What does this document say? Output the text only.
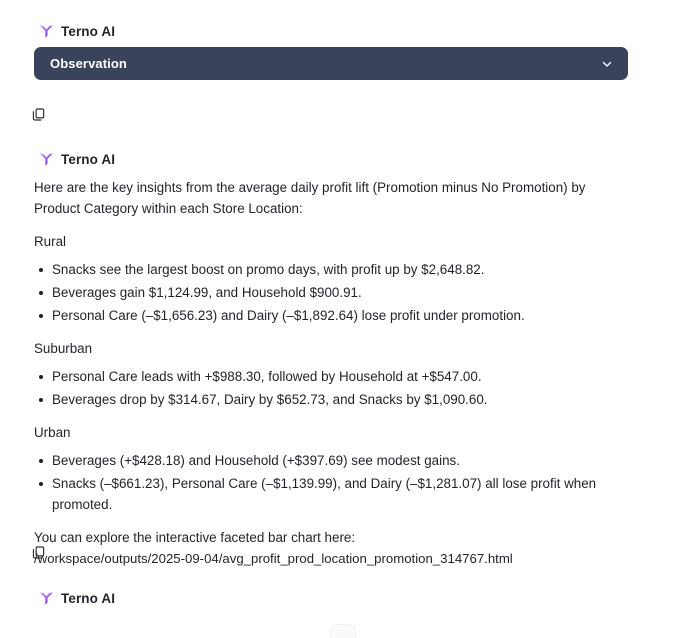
Terno AI
Observation
Terno AI

Here are the key insights from the average daily profit lift (Promotion minus No Promotion) by Product Category within each Store Location:

Rural

Snacks see the largest boost on promo days, with profit up by $2,648.82.
Beverages gain $1,124.99, and Household $900.91.
Personal Care (–$1,656.23) and Dairy (–$1,892.64) lose profit under promotion.

Suburban

Personal Care leads with +$988.30, followed by Household at +$547.00.
Beverages drop by $314.67, Dairy by $652.73, and Snacks by $1,090.60.

Urban

Beverages (+$428.18) and Household (+$397.69) see modest gains.
Snacks (–$661.23), Personal Care (–$1,139.99), and Dairy (–$1,281.07) all lose profit when promoted.

You can explore the interactive faceted bar chart here:

/workspace/outputs/2025-09-04/avg_profit_prod_location_promotion_314767.html
Terno AI
